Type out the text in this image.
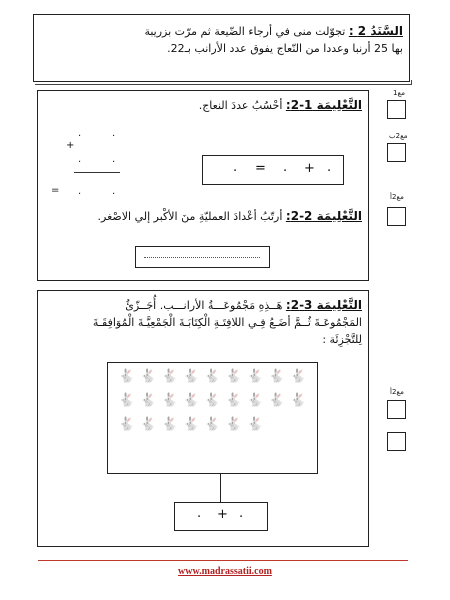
السَّنَدُ 2 : تجوّلت منى في أرجاء الضّيعة ثم مرّت بزريبة
بها 25 أرنبا وعددا من النّعاج يفوق عدد الأرانب بـ22.
التَّعْلِيمَة 1-2: أحْسُبُ عددَ النعاج.
.	.
+
.	.
= .	.
. = . + .
التَّعْلِيمَة 2-2: أرتّبُ أعْدادَ العمليّةِ منَ الأكْبر إلي الاصْغر.
التَّعْلِيمَة 3-2: هَــذِهِ مَجْمُوعَـــةُ الأرانـــب. أُجَــزّئُ
المَجْمُوعَـةَ ثُــمَّ أضَـعُ فِـي اللافِتَـةِ الْكِتَابَـةَ الْجَمْعِيَّـةَ الْمُوَافِقَـةَ
لِلتَّجْزِئَة :
🐇 🐇 🐇 🐇 🐇 🐇 🐇 🐇 🐇
🐇 🐇 🐇 🐇 🐇 🐇 🐇 🐇 🐇
🐇 🐇 🐇 🐇 🐇 🐇 🐇
. + .
مع1
مع2ب
مع2أ
مع2أ
www.madrassatii.com
